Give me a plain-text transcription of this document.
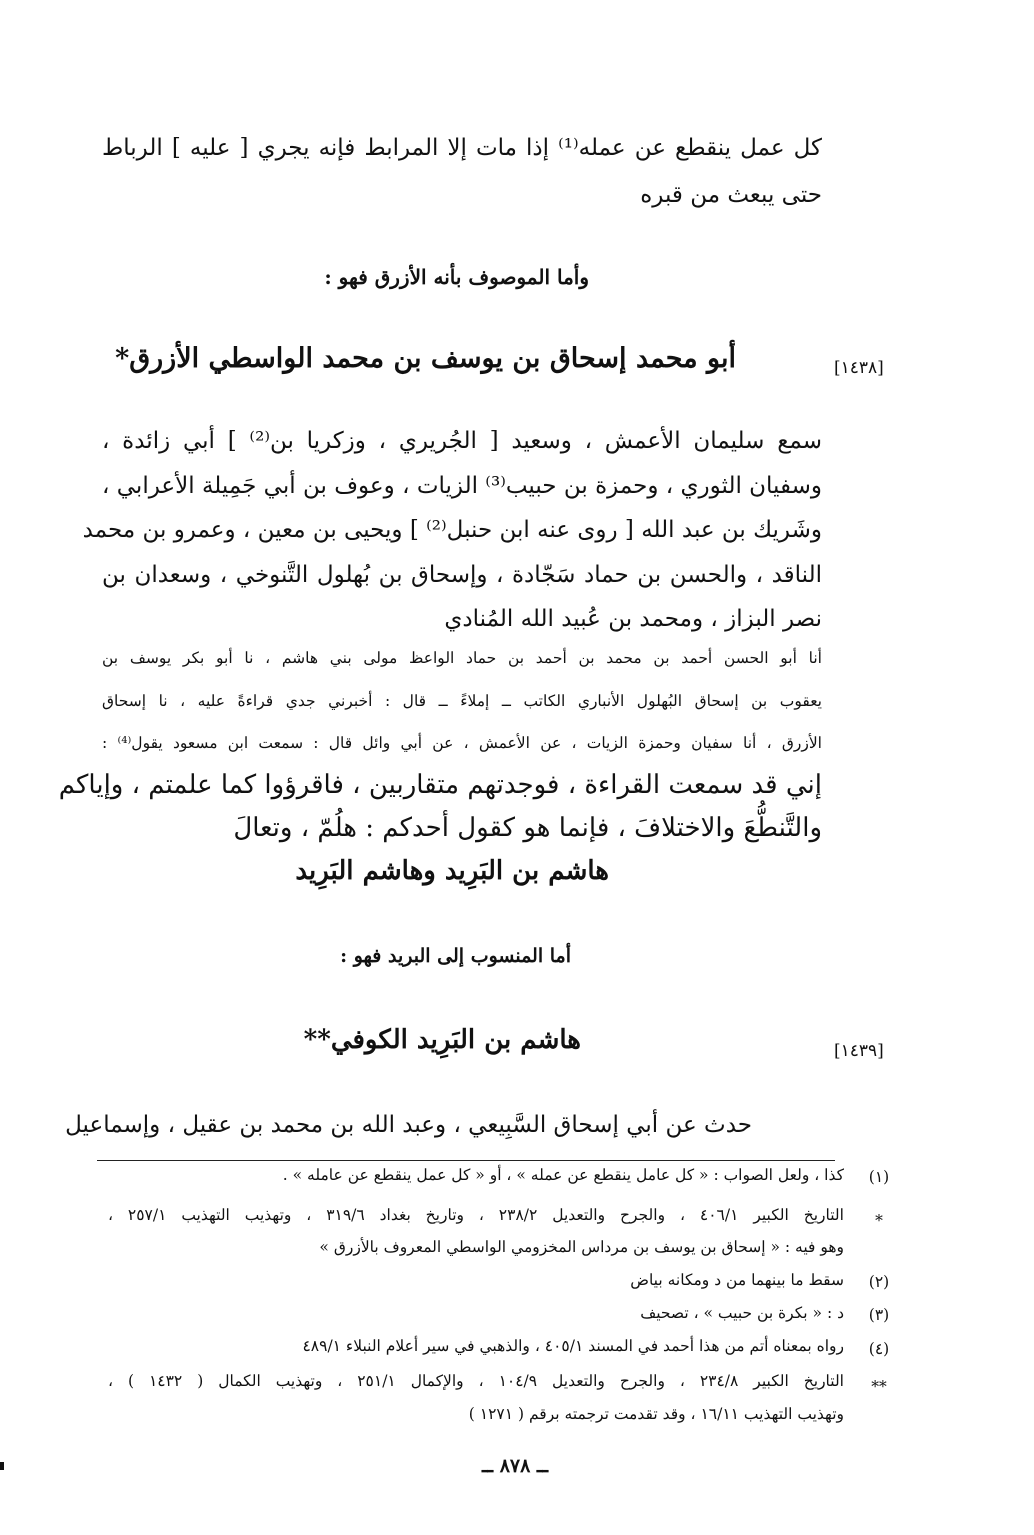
كل عمل ينقطع عن عمله⁽¹⁾ إذا مات إلا المرابط فإنه يجري [ عليه ] الرباط
حتى يبعث من قبره
وأما الموصوف بأنه الأزرق فهو :
[١٤٣٨]
أبو محمد إسحاق بن يوسف بن محمد الواسطي الأزرق*
سمع سليمان الأعمش ، وسعيد [ الجُريري ، وزكريا بن⁽²⁾ ] أبي زائدة ،
وسفيان الثوري ، وحمزة بن حبيب⁽³⁾ الزيات ، وعوف بن أبي جَمِيلة الأعرابي ،
وشَريك بن عبد الله [ روى عنه ابن حنبل⁽²⁾ ] ويحيى بن معين ، وعمرو بن محمد
الناقد ، والحسن بن حماد سَجّادة ، وإسحاق بن بُهلول التَّنوخي ، وسعدان بن
نصر البزاز ، ومحمد بن عُبيد الله المُنادي
أنا أبو الحسن أحمد بن محمد بن أحمد بن حماد الواعظ مولى بني هاشم ، نا أبو بكر يوسف بن
يعقوب بن إسحاق البُهلول الأنباري الكاتب ــ إملاءً ــ قال : أخبرني جدي قراءةً عليه ، نا إسحاق
الأزرق ، أنا سفيان وحمزة الزيات ، عن الأعمش ، عن أبي وائل قال : سمعت ابن مسعود يقول⁽⁴⁾ :
إني قد سمعت القراءة ، فوجدتهم متقاربين ، فاقرؤوا كما علمتم ، وإياكم
والتَّنطُّعَ والاختلافَ ، فإنما هو كقول أحدكم : هلُمّ ، وتعالَ
هاشم بن البَرِيد وهاشم البَرِيد
أما المنسوب إلى البريد فهو :
[١٤٣٩]
هاشم بن البَرِيد الكوفي**
حدث عن أبي إسحاق السَّبِيعي ، وعبد الله بن محمد بن عقيل ، وإسماعيل
(١)
كذا ، ولعل الصواب : « كل عامل ينقطع عن عمله » ، أو « كل عمل ينقطع عن عامله » .
*
التاريخ الكبير ٤٠٦/١ ، والجرح والتعديل ٢٣٨/٢ ، وتاريخ بغداد ٣١٩/٦ ، وتهذيب التهذيب ٢٥٧/١ ،
وهو فيه : « إسحاق بن يوسف بن مرداس المخزومي الواسطي المعروف بالأزرق »
(٢)
سقط ما بينهما من د ومكانه بياض
(٣)
د : « بكرة بن حبيب » ، تصحيف
(٤)
رواه بمعناه أتم من هذا أحمد في المسند ٤٠٥/١ ، والذهبي في سير أعلام النبلاء ٤٨٩/١
**
التاريخ الكبير ٢٣٤/٨ ، والجرح والتعديل ١٠٤/٩ ، والإكمال ٢٥١/١ ، وتهذيب الكمال ( ١٤٣٢ ) ،
وتهذيب التهذيب ١٦/١١ ، وقد تقدمت ترجمته برقم ( ١٢٧١ )
ــ ٨٧٨ ــ
